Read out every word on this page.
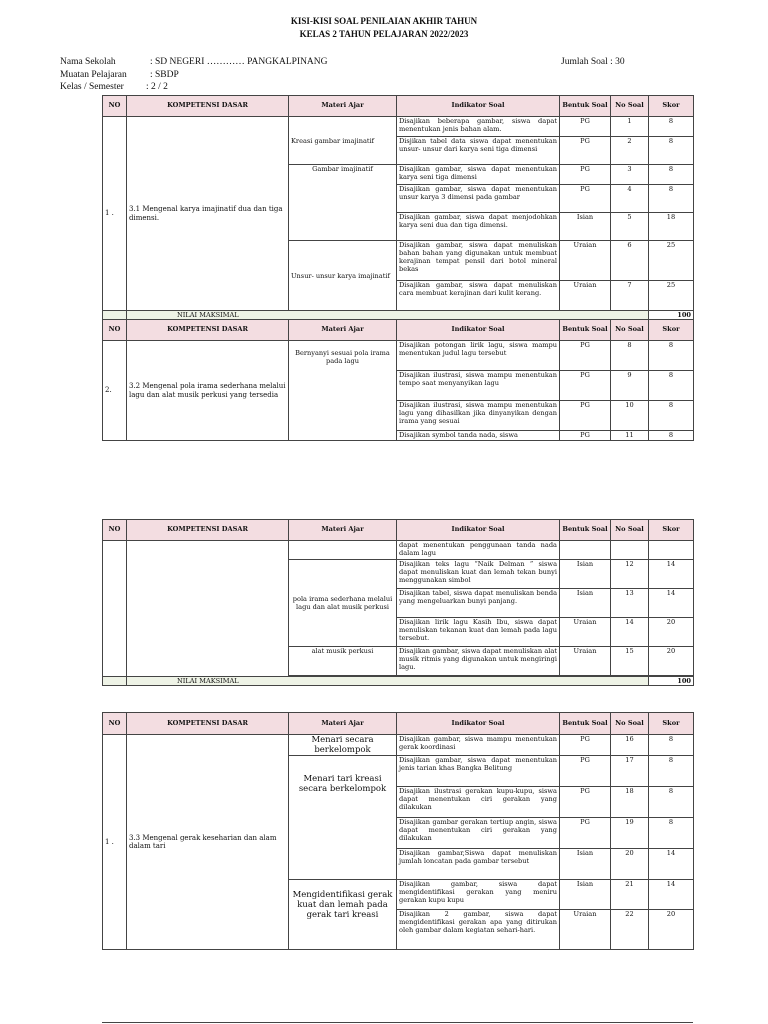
KISI-KISI SOAL PENILAIAN AKHIR TAHUN
KELAS 2 TAHUN PELAJARAN 2022/2023
Nama Sekolah	: SD NEGERI ………… PANGKALPINANG	Jumlah Soal : 30
Muatan Pelajaran : SBDP
Kelas / Semester : 2 / 2
NO	KOMPETENSI DASAR	Materi Ajar	Indikator Soal	Bentuk Soal	No Soal	Skor
1 .	3.1 Mengenal karya imajinatif dua dan tiga dimensi.	Kreasi gambar imajinatif	Disajikan beberapa gambar, siswa dapat menentukan jenis bahan alam.	PG	1	8
			Disjikan tabel data siswa dapat menentukan unsur- unsur dari karya seni tiga dimensi	PG	2	8
		Gambar imajinatif	Disajikan gambar, siswa dapat menentukan karya seni tiga dimensi	PG	3	8
			Disajikan gambar, siswa dapat menentukan unsur karya 3 dimensi pada gambar	PG	4	8
			Disajikan gambar, siswa dapat menjodohkan karya seni dua dan tiga dimensi.	Isian	5	18
		Unsur- unsur karya imajinatif	Disajikan gambar, siswa dapat menuliskan bahan bahan yang digunakan untuk membuat kerajinan tempat pensil dari botol mineral bekas	Uraian	6	25
			Disajikan gambar, siswa dapat menuliskan cara membuat kerajinan dari kulit kerang.	Uraian	7	25
	NILAI MAKSIMAL					100
NO	KOMPETENSI DASAR	Materi Ajar	Indikator Soal	Bentuk Soal	No Soal	Skor
2.	3.2 Mengenal pola irama sederhana melalui lagu dan alat musik perkusi yang tersedia	Bernyanyi sesuai pola irama pada lagu	Disajikan potongan lirik lagu, siswa mampu menentukan judul lagu tersebut	PG	8	8
			Disajikan ilustrasi, siswa mampu menentukan tempo saat menyanyikan lagu	PG	9	8
			Disajikan ilustrasi, siswa mampu menentukan lagu yang dihasilkan jika dinyanyikan dengan irama yang sesuai	PG	10	8
			Disajikan symbol tanda nada, siswa	PG	11	8
NO	KOMPETENSI DASAR	Materi Ajar	Indikator Soal	Bentuk Soal	No Soal	Skor
			dapat menentukan penggunaan tanda nada dalam lagu			
		pola irama sederhana melalui lagu dan alat musik perkusi	Disajikan teks lagu “Naik Delman ” siswa dapat menuliskan kuat dan lemah tekan bunyi menggunakan simbol	Isian	12	14
			Disajikan tabel, siswa dapat menuliskan benda yang mengeluarkan bunyi panjang.	Isian	13	14
			Disajikan lirik lagu Kasih Ibu, siswa dapat menuliskan tekanan kuat dan lemah pada lagu tersebut.	Uraian	14	20
		alat musik perkusi	Disajikan gambar, siswa dapat menuliskan alat musik ritmis yang digunakan untuk mengiringi lagu.	Uraian	15	20

	NILAI MAKSIMAL					100
NO	KOMPETENSI DASAR	Materi Ajar	Indikator Soal	Bentuk Soal	No Soal	Skor
1 .	3.3 Mengenal gerak keseharian dan alam dalam tari	Menari secara berkelompok	Disajikan gambar, siswa mampu menentukan gerak koordinasi	PG	16	8
		Menari tari kreasi secara berkelompok	Disajikan gambar, siswa dapat menentukan jenis tarian khas Bangka Belitung	PG	17	8
			Disajikan ilustrasi gerakan kupu-kupu, siswa dapat menentukan ciri gerakan yang dilakukan	PG	18	8
			Disajikan gambar gerakan tertiup angin, siswa dapat menentukan ciri gerakan yang dilakukan	PG	19	8
			Disajikan gambar,Siswa dapat menuliskan jumlah loncatan pada gambar tersebut	Isian	20	14
		Mengidentifikasi gerak kuat dan lemah pada gerak tari kreasi	Disajikan gambar, siswa dapat mengidentifikasi gerakan yang meniru gerakan kupu kupu	Isian	21	14
			Disajikan 2 gambar, siswa dapat mengidentifikasi gerakan apa yang ditirukan oleh gambar dalam kegiatan sehari-hari.	Uraian	22	20
